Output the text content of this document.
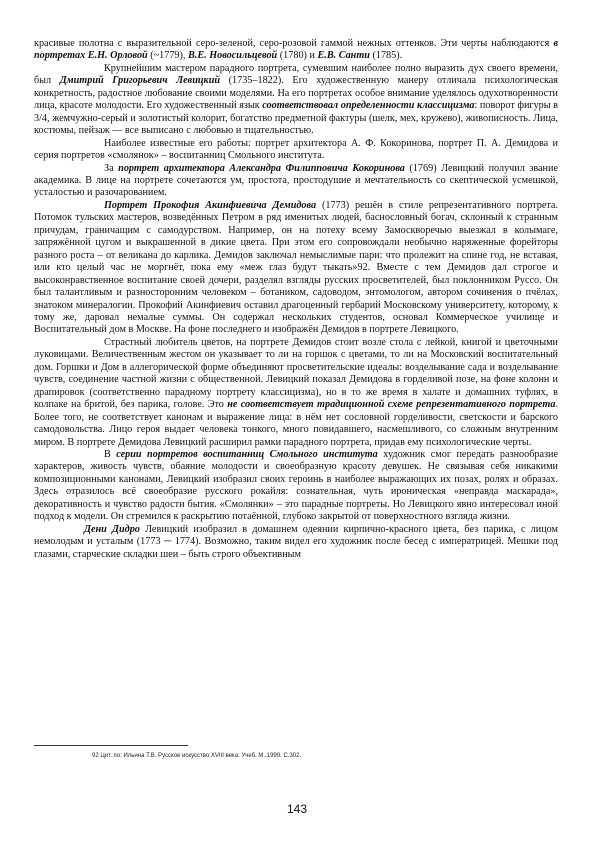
красивые полотна с выразительной серо-зеленой, серо-розовой гаммой нежных оттенков. Эти черты наблюдаются в портретах Е.Н. Орловой (~1779), В.Е. Новосильцевой (1780) и Е.В. Санти (1785).

Крупнейшим мастером парадного портрета, сумевшим наиболее полно выразить дух своего времени, был Дмитрий Григорьевич Левицкий (1735–1822). Его художественную манеру отличала психологическая конкретность, радостное любование своими моделями. На его портретах особое внимание уделялось одухотворенности лица, красоте молодости. Его художественный язык соответствовал определенности классицизма: поворот фигуры в 3/4, жемчужно-серый и золотистый колорит, богатство предметной фактуры (шелк, мех, кружево), живописность. Лица, костюмы, пейзаж — все выписано с любовью и тщательностью.

Наиболее известные его работы: портрет архитектора А. Ф. Кокоринова, портрет П. А. Демидова и серия портретов «смолянок» – воспитанниц Смольного института.

За портрет архитектора Александра Филипповича Кокоринова (1769) Левицкий получил звание академика. В лице на портрете сочетаются ум, простота, простодушие и мечтательность со скептической усмешкой, усталостью и разочарованием.

Портрет Прокофия Акинфиевича Демидова (1773) решён в стиле репрезентативного портрета. Потомок тульских мастеров, возведённых Петром в ряд именитых людей, баснословный богач, склонный к странным причудам, граничащим с самодурством. Например, он на потеху всему Замоскворечью выезжал в колымаге, запряжённой цугом и выкрашенной в дикие цвета. При этом его сопровождали необычно наряженные форейторы разного роста – от великана до карлика. Демидов заключал немыслимые пари: что пролежит на спине год, не вставая, или кто целый час не моргнёт, пока ему «меж глаз будут тыкать»92. Вместе с тем Демидов дал строгое и высоконравственное воспитание своей дочери, разделял взгляды русских просветителей, был поклонником Руссо. Он был талантливым и разносторонним человеком – ботаником, садоводом, энтомологом, автором сочинения о пчёлах, знатоком минералогии. Прокофий Акинфиевич оставил драгоценный гербарий Московскому университету, которому, к тому же, даровал немалые суммы. Он содержал нескольких студентов, основал Коммерческое училище и Воспитательный дом в Москве. На фоне последнего и изображён Демидов в портрете Левицкого.

Страстный любитель цветов, на портрете Демидов стоит возле стола с лейкой, книгой и цветочными луковицами. Величественным жестом он указывает то ли на горшок с цветами, то ли на Московский воспитательный дом. Горшки и Дом в аллегорической форме объединяют просветительские идеалы: возделывание сада и возделывание чувств, соединение частной жизни с общественной. Левицкий показал Демидова в горделивой позе, на фоне колонн и драпировок (соответственно парадному портрету классицизма), но в то же время в халате и домашних туфлях, в колпаке на бритой, без парика, голове. Это не соответствует традиционной схеме репрезентативного портрета. Более того, не соответствует канонам и выражение лица: в нём нет сословной горделивости, светскости и барского самодовольства. Лицо героя выдает человека тонкого, много повидавшего, насмешливого, со сложным внутренним миром. В портрете Демидова Левицкий расширил рамки парадного портрета, придав ему психологические черты.

В серии портретов воспитанниц Смольного института художник смог передать разнообразие характеров, живость чувств, обаяние молодости и своеобразную красоту девушек. Не связывая себя никакими композиционными канонами, Левицкий изобразил своих героинь в наиболее выражающих их позах, ролях и образах. Здесь отразилось всё своеобразие русского рокайля: сознательная, чуть ироническая «неправда маскарада», декоративность и чувство радости бытия. «Смолянки» – это парадные портреты. Но Левицкого явно интересовал иной подход к модели. Он стремился к раскрытию потаённой, глубоко закрытой от поверхностного взгляда жизни.

Дени Дидро Левицкий изобразил в домашнем одеянии кирпично-красного цвета, без парика, с лицом немолодым и усталым (1773 ─ 1774). Возможно, таким видел его художник после бесед с императрицей. Мешки под глазами, старческие складки шеи – быть строго объективным

92 Цит. по: Ильина Т.В. Русское искусство XVIII века: Учеб. М.,1999. С.302.
143
